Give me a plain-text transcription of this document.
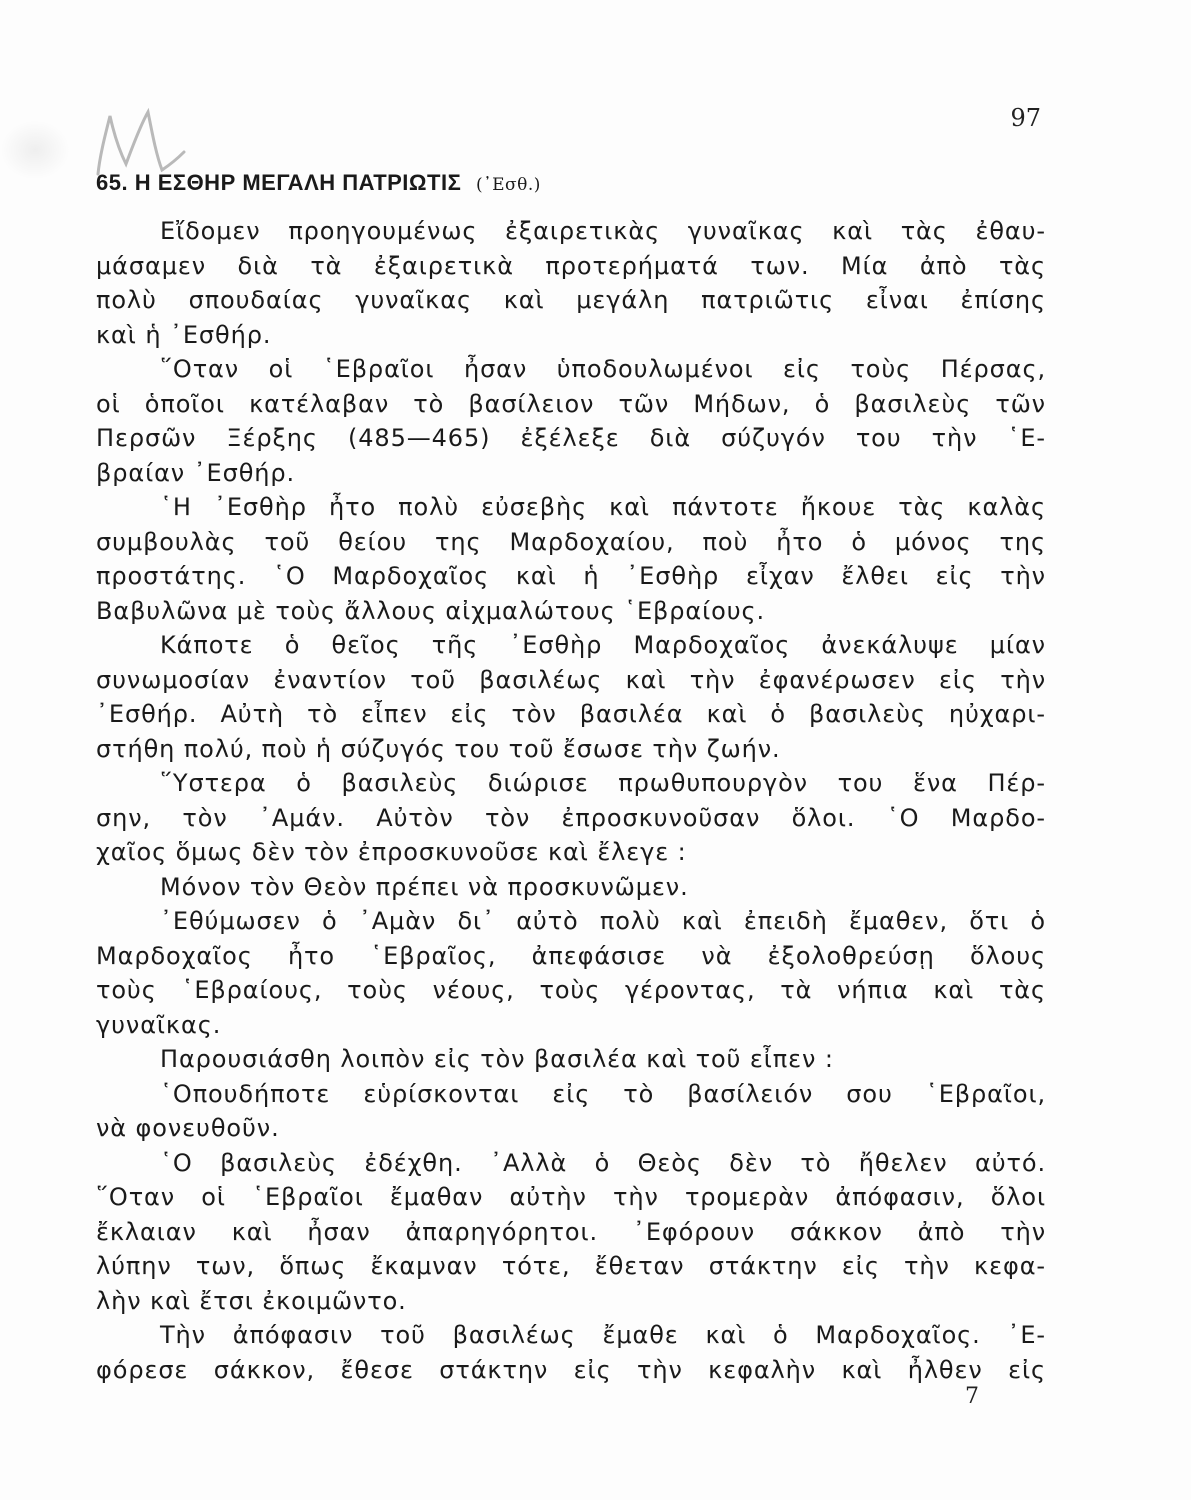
97
65. Η ΕΣΘΗΡ ΜΕΓΑΛΗ ΠΑΤΡΙΩΤΙΣ (᾿Εσθ.)
Εἴδομεν προηγουμένως ἐξαιρετικὰς γυναῖκας καὶ τὰς ἐθαυ-
μάσαμεν διὰ τὰ ἐξαιρετικὰ προτερήματά των. Μία ἀπὸ τὰς
πολὺ σπουδαίας γυναῖκας καὶ μεγάλη πατριῶτις εἶναι ἐπίσης
καὶ ἡ ᾿Εσθήρ.
῞Οταν οἱ ῾Εβραῖοι ἦσαν ὑποδουλωμένοι εἰς τοὺς Πέρσας,
οἱ ὁποῖοι κατέλαβαν τὸ βασίλειον τῶν Μήδων, ὁ βασιλεὺς τῶν
Περσῶν Ξέρξης (485—465) ἐξέλεξε διὰ σύζυγόν του τὴν ῾Ε-
βραίαν ᾿Εσθήρ.
῾Η ᾿Εσθὴρ ἦτο πολὺ εὐσεβὴς καὶ πάντοτε ἤκουε τὰς καλὰς
συμβουλὰς τοῦ θείου της Μαρδοχαίου, ποὺ ἦτο ὁ μόνος της
προστάτης. ῾Ο Μαρδοχαῖος καὶ ἡ ᾿Εσθὴρ εἶχαν ἔλθει εἰς τὴν
Βαβυλῶνα μὲ τοὺς ἄλλους αἰχμαλώτους ῾Εβραίους.
Κάποτε ὁ θεῖος τῆς ᾿Εσθὴρ Μαρδοχαῖος ἀνεκάλυψε μίαν
συνωμοσίαν ἐναντίον τοῦ βασιλέως καὶ τὴν ἐφανέρωσεν εἰς τὴν
᾿Εσθήρ. Αὐτὴ τὸ εἶπεν εἰς τὸν βασιλέα καὶ ὁ βασιλεὺς ηὐχαρι-
στήθη πολύ, ποὺ ἡ σύζυγός του τοῦ ἔσωσε τὴν ζωήν.
῞Υστερα ὁ βασιλεὺς διώρισε πρωθυπουργὸν του ἕνα Πέρ-
σην, τὸν ᾿Αμάν. Αὐτὸν τὸν ἐπροσκυνοῦσαν ὅλοι. ῾Ο Μαρδο-
χαῖος ὅμως δὲν τὸν ἐπροσκυνοῦσε καὶ ἔλεγε :
Μόνον τὸν Θεὸν πρέπει νὰ προσκυνῶμεν.
᾿Εθύμωσεν ὁ ᾿Αμὰν δι᾿ αὐτὸ πολὺ καὶ ἐπειδὴ ἔμαθεν, ὅτι ὁ
Μαρδοχαῖος ἦτο ῾Εβραῖος, ἀπεφάσισε νὰ ἐξολοθρεύσῃ ὅλους
τοὺς ῾Εβραίους, τοὺς νέους, τοὺς γέροντας, τὰ νήπια καὶ τὰς
γυναῖκας.
Παρουσιάσθη λοιπὸν εἰς τὸν βασιλέα καὶ τοῦ εἶπεν :
῾Οπουδήποτε εὑρίσκονται εἰς τὸ βασίλειόν σου ῾Εβραῖοι,
νὰ φονευθοῦν.
῾Ο βασιλεὺς ἐδέχθη. ᾿Αλλὰ ὁ Θεὸς δὲν τὸ ἤθελεν αὐτό.
῞Οταν οἱ ῾Εβραῖοι ἔμαθαν αὐτὴν τὴν τρομερὰν ἀπόφασιν, ὅλοι
ἔκλαιαν καὶ ἦσαν ἀπαρηγόρητοι. ᾿Εφόρουν σάκκον ἀπὸ τὴν
λύπην των, ὅπως ἔκαμναν τότε, ἔθεταν στάκτην εἰς τὴν κεφα-
λὴν καὶ ἔτσι ἐκοιμῶντο.
Τὴν ἀπόφασιν τοῦ βασιλέως ἔμαθε καὶ ὁ Μαρδοχαῖος. ᾿Ε-
φόρεσε σάκκον, ἔθεσε στάκτην εἰς τὴν κεφαλὴν καὶ ἦλθεν εἰς
7
